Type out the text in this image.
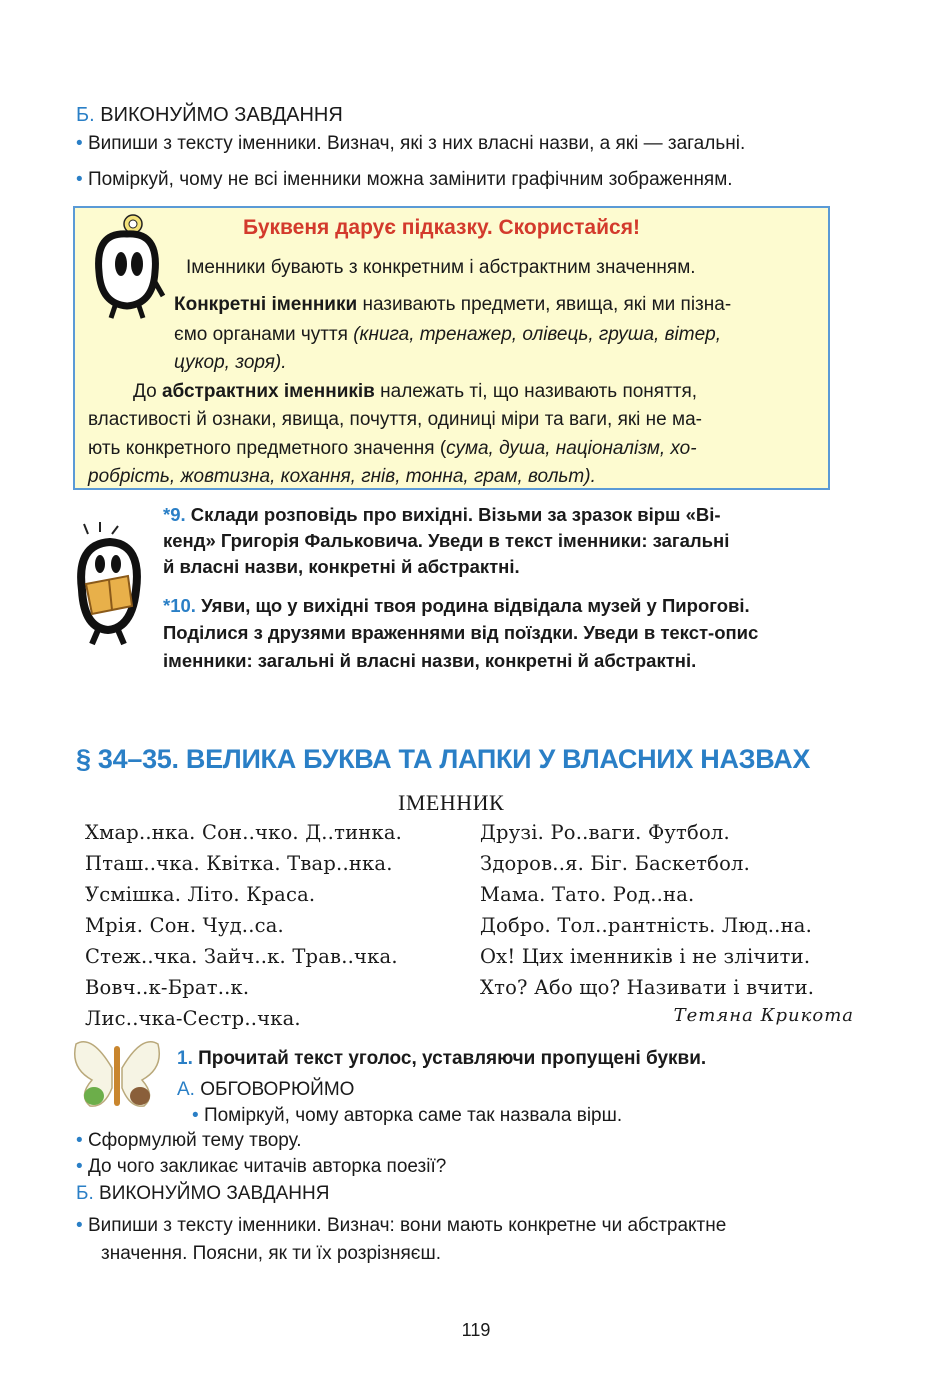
Б. ВИКОНУЙМО ЗАВДАННЯ
• Випиши з тексту іменники. Визнач, які з них власні назви, а які — загальні.
• Поміркуй, чому не всі іменники можна замінити графічним зображенням.
Буквеня дарує підказку. Скористайся!
Іменники бувають з конкретним і абстрактним значенням.
Конкретні іменники називають предмети, явища, які ми пізна-
ємо органами чуття (книга, тренажер, олівець, груша, вітер,
цукор, зоря).
До абстрактних іменників належать ті, що називають поняття,
властивості й ознаки, явища, почуття, одиниці міри та ваги, які не ма-
ють конкретного предметного значення (сума, душа, націоналізм, хо-
робрість, жовтизна, кохання, гнів, тонна, грам, вольт).
*9. Склади розповідь про вихідні. Візьми за зразок вірш «Ві-
кенд» Григорія Фальковича. Уведи в текст іменники: загальні
й власні назви, конкретні й абстрактні.
*10. Уяви, що у вихідні твоя родина відвідала музей у Пирогові.
Поділися з друзями враженнями від поїздки. Уведи в текст-опис
іменники: загальні й власні назви, конкретні й абстрактні.
§ 34–35. ВЕЛИКА БУКВА ТА ЛАПКИ У ВЛАСНИХ НАЗВАХ
ІМЕННИК
Хмар..нка. Сон..чко. Д..тинка.
Пташ..чка. Квітка. Твар..нка.
Усмішка. Літо. Краса.
Мрія. Сон. Чуд..са.
Стеж..чка. Зайч..к. Трав..чка.
Вовч..к-Брат..к.
Лис..чка-Сестр..чка.
Друзі. Ро..ваги. Футбол.
Здоров..я. Біг. Баскетбол.
Мама. Тато. Род..на.
Добро. Тол..рантність. Люд..на.
Ох! Цих іменників і не злічити.
Хто? Або що? Називати і вчити.
Тетяна Крикота
1. Прочитай текст уголос, уставляючи пропущені букви.
А. ОБГОВОРЮЙМО
• Поміркуй, чому авторка саме так назвала вірш.
• Сформулюй тему твору.
• До чого закликає читачів авторка поезії?
Б. ВИКОНУЙМО ЗАВДАННЯ
• Випиши з тексту іменники. Визнач: вони мають конкретне чи абстрактне
значення. Поясни, як ти їх розрізняєш.
119
